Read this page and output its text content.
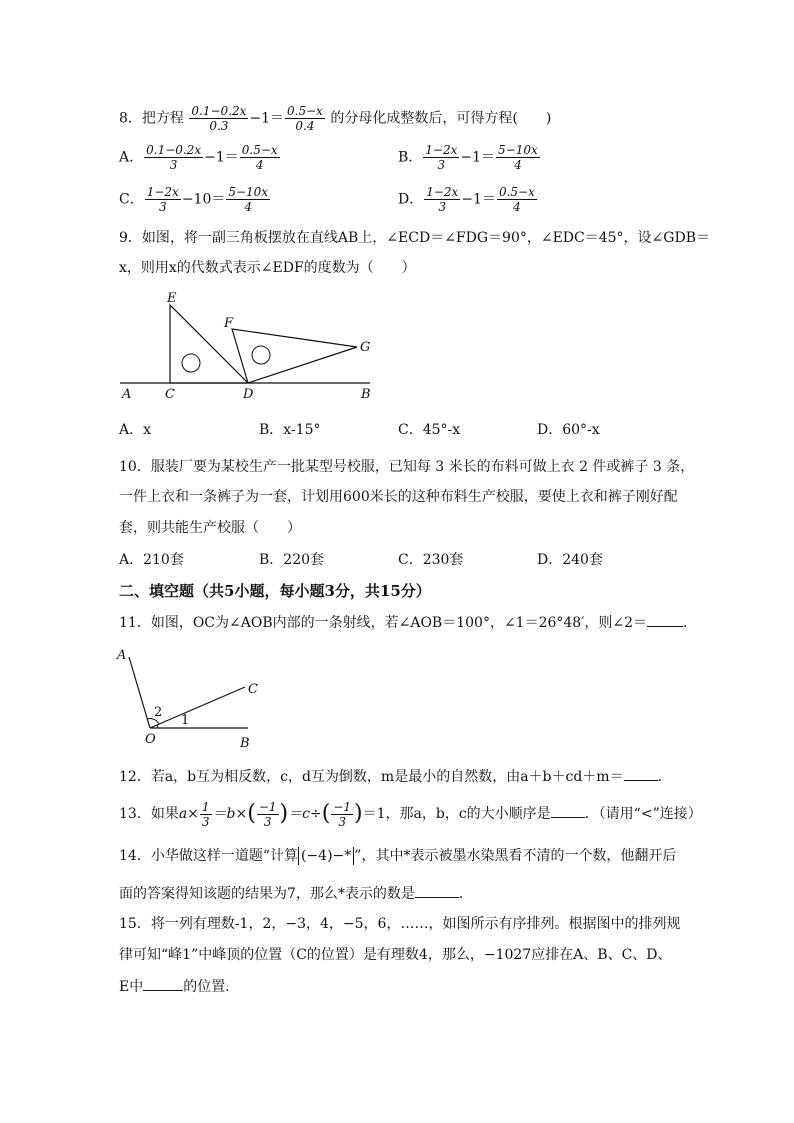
8．把方程 $\frac{0.1-0.2x}{0.3} -1= \frac{0.5-x}{0.4}$ 的分母化成整数后，可得方程(　　)
A． $\frac{0.1-0.2x}{3} -1= \frac{0.5-x}{4}$	B． $\frac{1-2x}{3} -1= \frac{5-10x}{4}$
C． $\frac{1-2x}{3} -10= \frac{5-10x}{4}$	D． $\frac{1-2x}{3} -1= \frac{0.5-x}{4}$
9．如图，将一副三角板摆放在直线AB上，∠ECD＝∠FDG＝90°，∠EDC＝45°，设∠GDB＝
x，则用x的代数式表示∠EDF的度数为（　　）
E
F
G
A	C	D	B
A．x	B．x-15°	C．45°-x	D．60°-x
10．服装厂要为某校生产一批某型号校服，已知每 3 米长的布料可做上衣 2 件或裤子 3 条，
一件上衣和一条裤子为一套，计划用600米长的这种布料生产校服，要使上衣和裤子刚好配
套，则共能生产校服（　　）
A．210套	B．220套	C．230套	D．240套
二、填空题（共5小题，每小题3分，共15分）
11．如图，OC为∠AOB内部的一条射线，若∠AOB＝100°，∠1＝26°48′，则∠2＝	．
A
C
O	B
1
2
12．若a，b互为相反数，c，d互为倒数，m是最小的自然数，由a＋b＋cd＋m＝ ．
13．如果$a\times \frac{1}{3} =b\times( \frac{-1}{3} )=c\div( \frac{-1}{3} )=1$，那a，b，c的大小顺序是 ．（请用“<”连接）
14．小华做这样一道题“计算 (−4)−* ”，其中*表示被墨水染黑看不清的一个数，他翻开后
面的答案得知该题的结果为7，那么*表示的数是	．
15．将一列有理数-1，2，−3，4，−5，6，……，如图所示有序排列。根据图中的排列规
律可知“峰1”中峰顶的位置（C的位置）是有理数4，那么，−1027应排在A、B、C、D、
E中	的位置．
